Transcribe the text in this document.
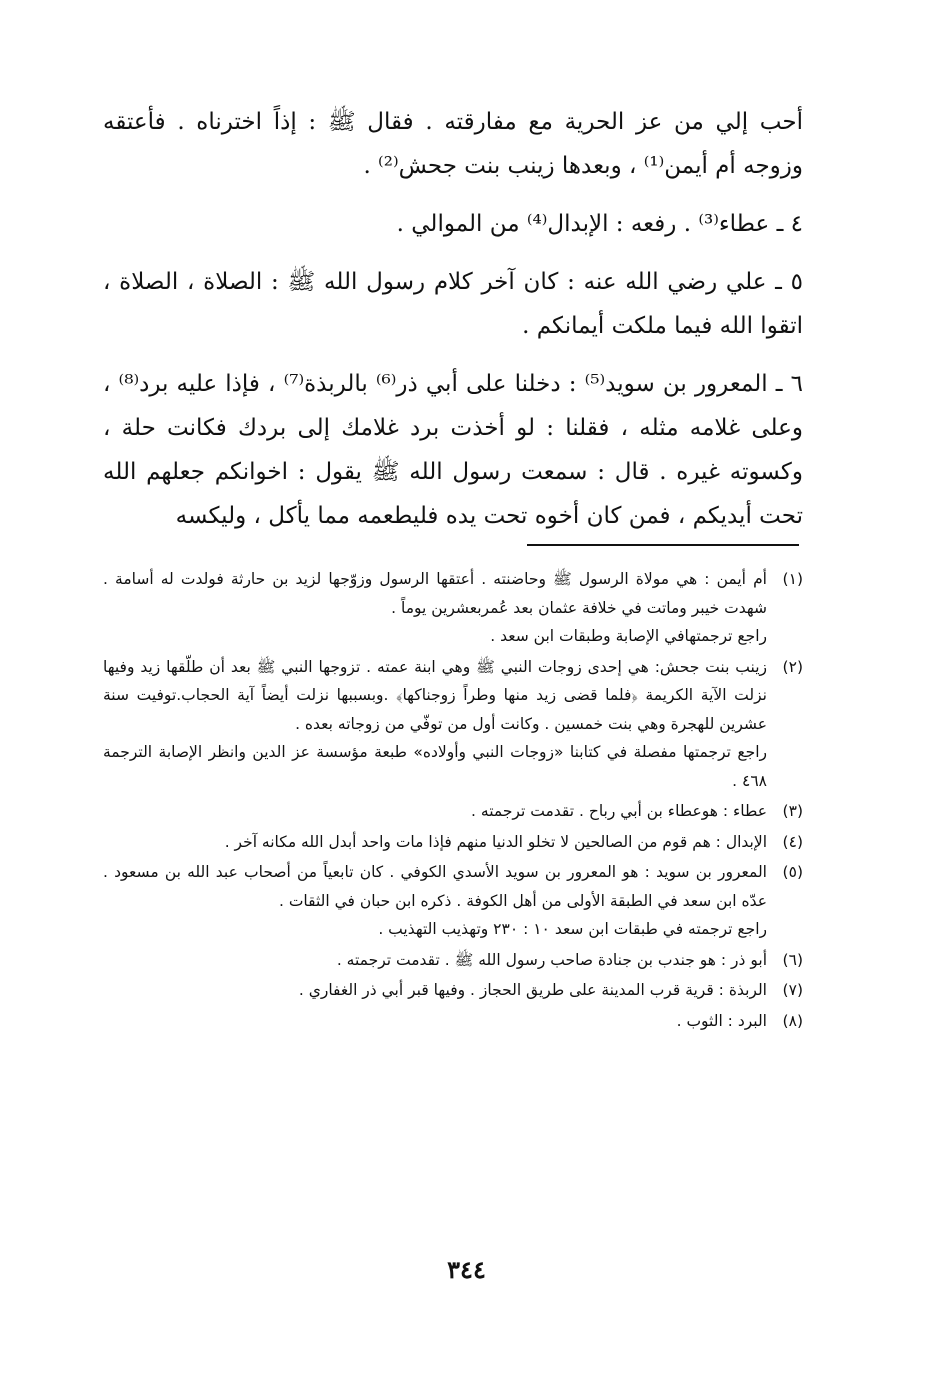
أحب إلي من عز الحرية مع مفارقته . فقال ﷺ : إذاً اخترناه . فأعتقه وزوجه أم أيمن⁽¹⁾ ، وبعدها زينب بنت جحش⁽²⁾ .

٤ ـ عطاء⁽³⁾ . رفعه : الإبدال⁽⁴⁾ من الموالي .

٥ ـ علي رضي الله عنه : كان آخر كلام رسول الله ﷺ : الصلاة ، الصلاة ، اتقوا الله فيما ملكت أيمانكم .

٦ ـ المعرور بن سويد⁽⁵⁾ : دخلنا على أبي ذر⁽⁶⁾ بالربذة⁽⁷⁾ ، فإذا عليه برد⁽⁸⁾ ، وعلى غلامه مثله ، فقلنا : لو أخذت برد غلامك إلى بردك فكانت حلة ، وكسوته غيره . قال : سمعت رسول الله ﷺ يقول : اخوانكم جعلهم الله تحت أيديكم ، فمن كان أخوه تحت يده فليطعمه مما يأكل ، وليكسه

(١)
أم أيمن : هي مولاة الرسول ﷺ وحاضنته . أعتقها الرسول وزوّجها لزيد بن حارثة فولدت له أسامة . شهدت خيبر وماتت في خلافة عثمان بعد عُمربعشرين يوماً .
راجع ترجمتهافي الإصابة وطبقات ابن سعد .
(٢)
زينب بنت جحش: هي إحدى زوجات النبي ﷺ وهي ابنة عمته . تزوجها النبي ﷺ بعد أن طلّقها زيد وفيها نزلت الآية الكريمة ﴿فلما قضى زيد منها وطراً زوجناكها﴾ .وبسببها نزلت أيضاً آية الحجاب.توفيت سنة عشرين للهجرة وهي بنت خمسين . وكانت أول من توفّي من زوجاته بعده .
راجع ترجمتها مفصلة في كتابنا «زوجات النبي وأولاده» طبعة مؤسسة عز الدين وانظر الإصابة الترجمة ٤٦٨ .
(٣)
عطاء : هوعطاء بن أبي رباح . تقدمت ترجمته .
(٤)
الإبدال : هم قوم من الصالحين لا تخلو الدنيا منهم فإذا مات واحد أبدل الله مكانه آخر .
(٥)
المعرور بن سويد : هو المعرور بن سويد الأسدي الكوفي . كان تابعياً من أصحاب عبد الله بن مسعود . عدّه ابن سعد في الطبقة الأولى من أهل الكوفة . ذكره ابن حبان في الثقات .
راجع ترجمته في طبقات ابن سعد ١٠ : ٢٣٠ وتهذيب التهذيب .
(٦)
أبو ذر : هو جندب بن جنادة صاحب رسول الله ﷺ . تقدمت ترجمته .
(٧)
الربذة : قرية قرب المدينة على طريق الحجاز . وفيها قبر أبي ذر الغفاري .
(٨)
البرد : الثوب .
٣٤٤
